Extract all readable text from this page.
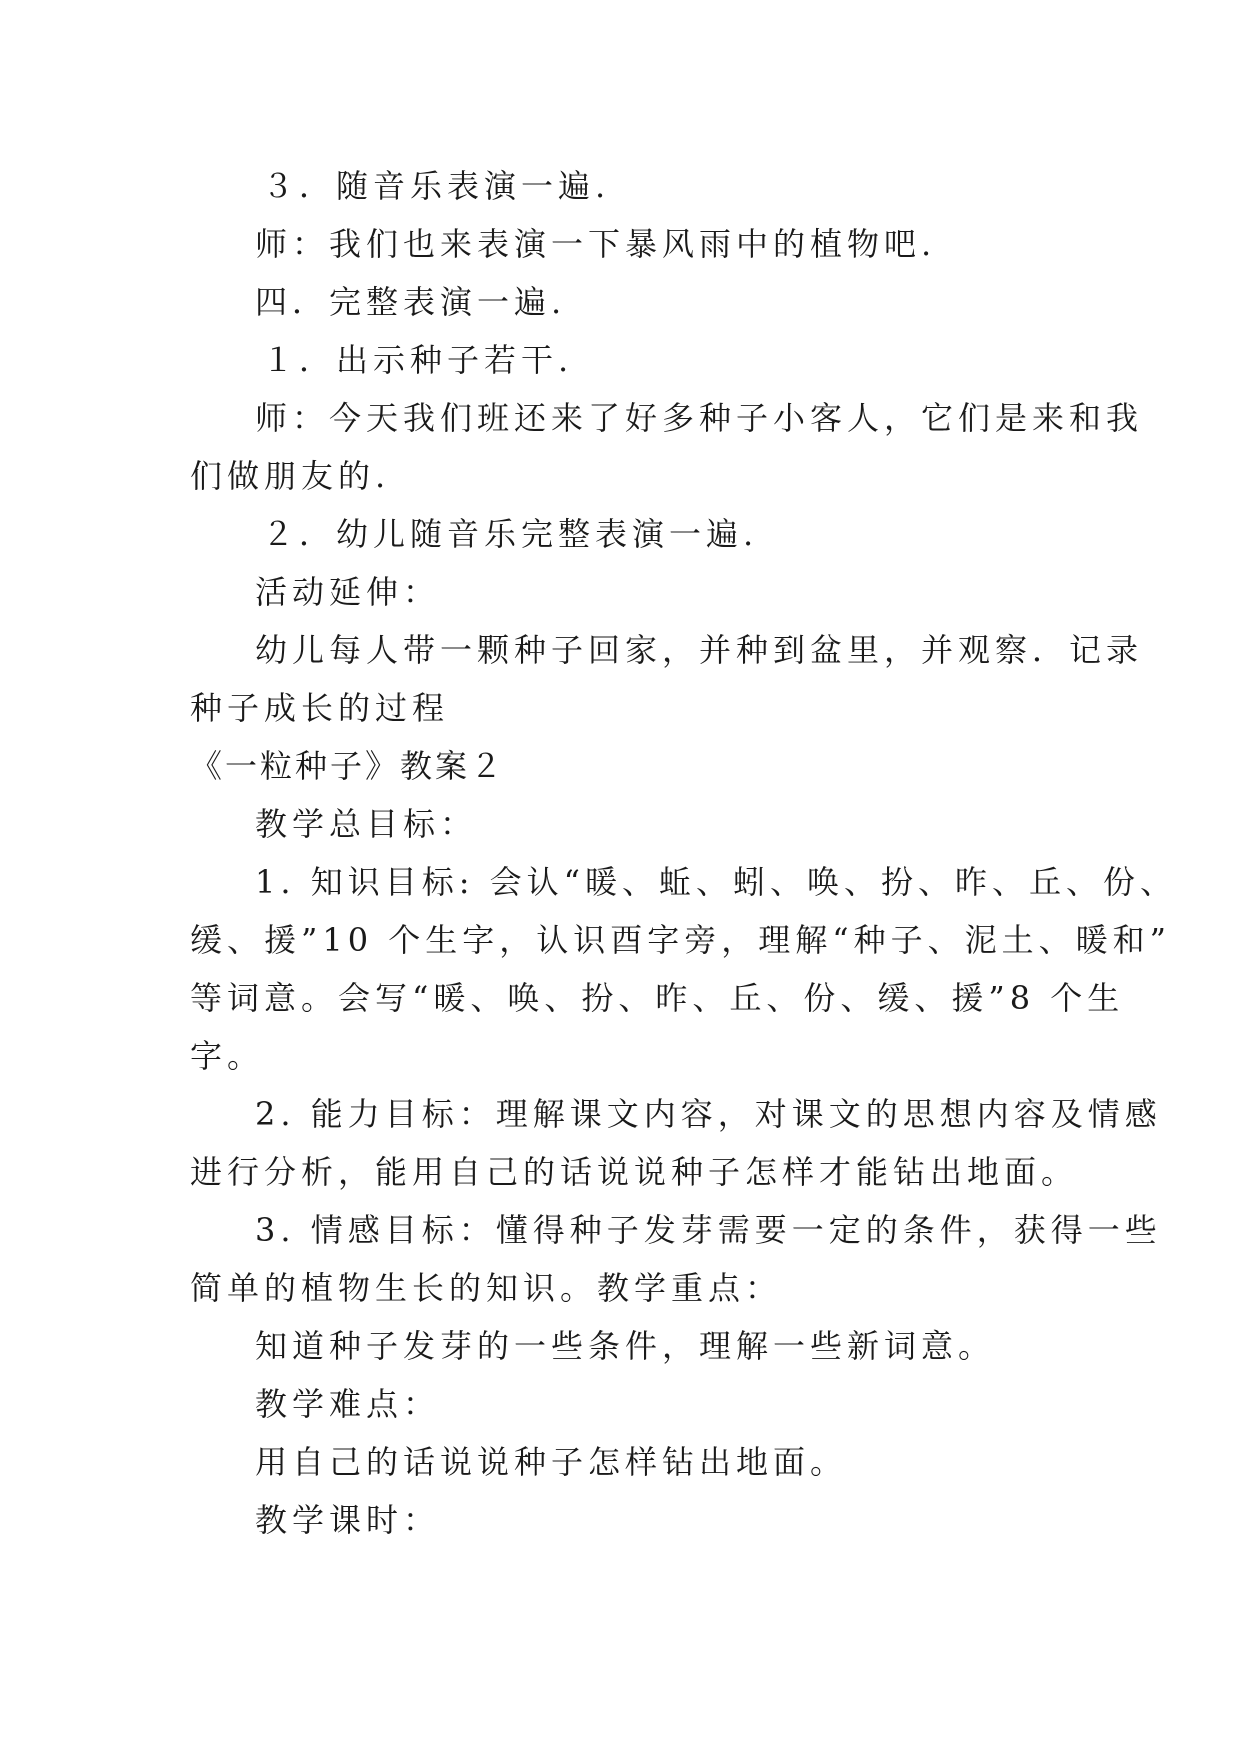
３．随音乐表演一遍.
师：我们也来表演一下暴风雨中的植物吧.
四．完整表演一遍.
１．出示种子若干.
师：今天我们班还来了好多种子小客人，它们是来和我
们做朋友的.
２．幼儿随音乐完整表演一遍.
活动延伸：
幼儿每人带一颗种子回家，并种到盆里，并观察．记录
种子成长的过程
《一粒种子》教案２
教学总目标：
1. 知识目标: 会认“暖、蚯、蚓、唤、扮、昨、丘、份、
缓、援”10 个生字，认识酉字旁，理解“种子、泥土、暖和”
等词意。会写“暖、唤、扮、昨、丘、份、缓、援”8 个生
字。
2. 能力目标：理解课文内容，对课文的思想内容及情感
进行分析，能用自己的话说说种子怎样才能钻出地面。
3. 情感目标：懂得种子发芽需要一定的条件，获得一些
简单的植物生长的知识。教学重点：
知道种子发芽的一些条件，理解一些新词意。
教学难点：
用自己的话说说种子怎样钻出地面。
教学课时：
